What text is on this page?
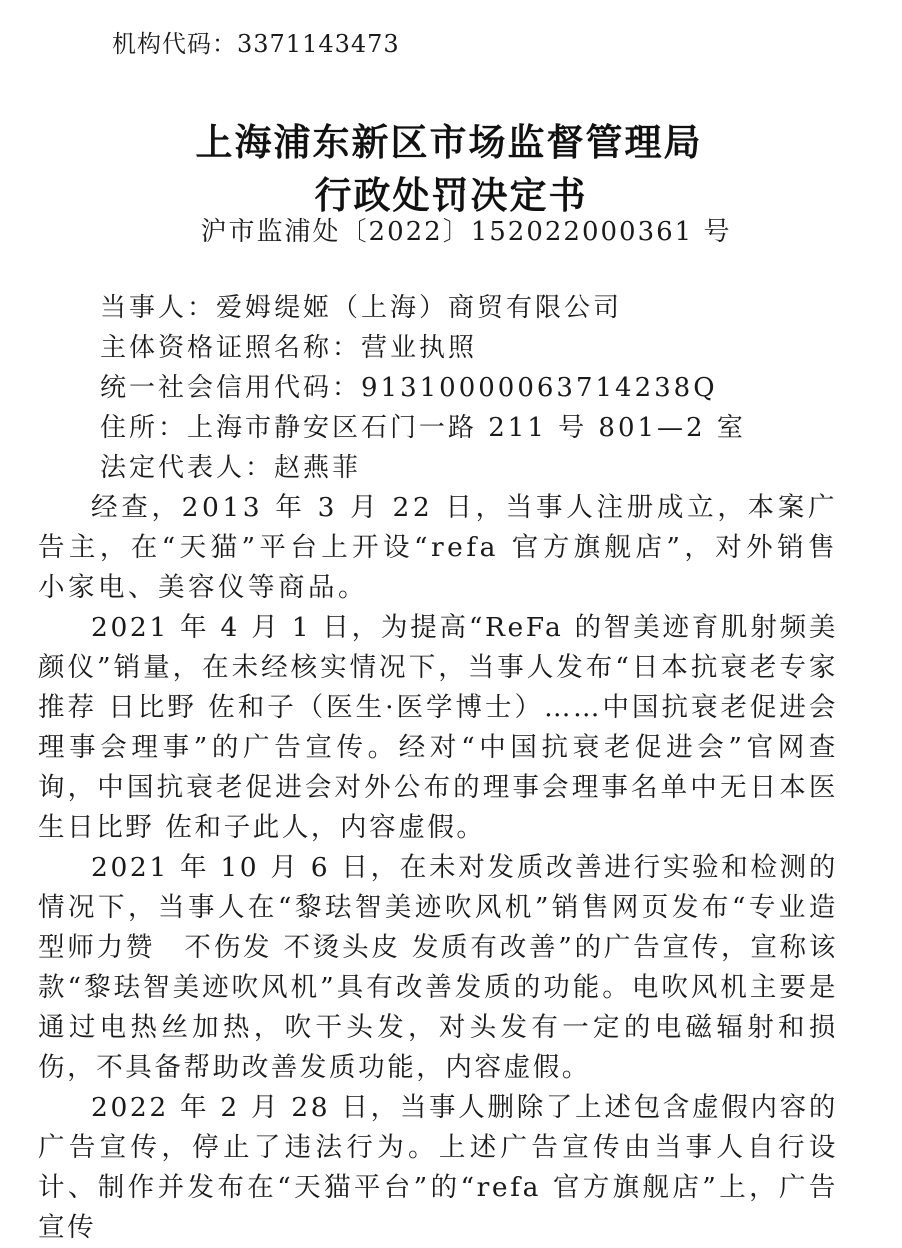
机构代码：3371143473
上海浦东新区市场监督管理局
行政处罚决定书
沪市监浦处〔2022〕152022000361 号
当事人：爱姆缇姬（上海）商贸有限公司
主体资格证照名称：营业执照
统一社会信用代码：91310000063714238Q
住所：上海市静安区石门一路 211 号 801—2 室
法定代表人：赵燕菲

经查，2013 年 3 月 22 日，当事人注册成立，本案广告主，在“天猫”平台上开设“refa 官方旗舰店”，对外销售小家电、美容仪等商品。

2021 年 4 月 1 日，为提高“ReFa 的智美迹育肌射频美颜仪”销量，在未经核实情况下，当事人发布“日本抗衰老专家推荐 日比野 佐和子（医生·医学博士）……中国抗衰老促进会理事会理事”的广告宣传。经对“中国抗衰老促进会”官网查询，中国抗衰老促进会对外公布的理事会理事名单中无日本医生日比野 佐和子此人，内容虚假。

2021 年 10 月 6 日，在未对发质改善进行实验和检测的情况下，当事人在“黎珐智美迹吹风机”销售网页发布“专业造型师力赞　不伤发 不烫头皮 发质有改善”的广告宣传，宣称该款“黎珐智美迹吹风机”具有改善发质的功能。电吹风机主要是通过电热丝加热，吹干头发，对头发有一定的电磁辐射和损伤，不具备帮助改善发质功能，内容虚假。

2022 年 2 月 28 日，当事人删除了上述包含虚假内容的广告宣传，停止了违法行为。上述广告宣传由当事人自行设计、制作并发布在“天猫平台”的“refa 官方旗舰店”上，广告宣传
